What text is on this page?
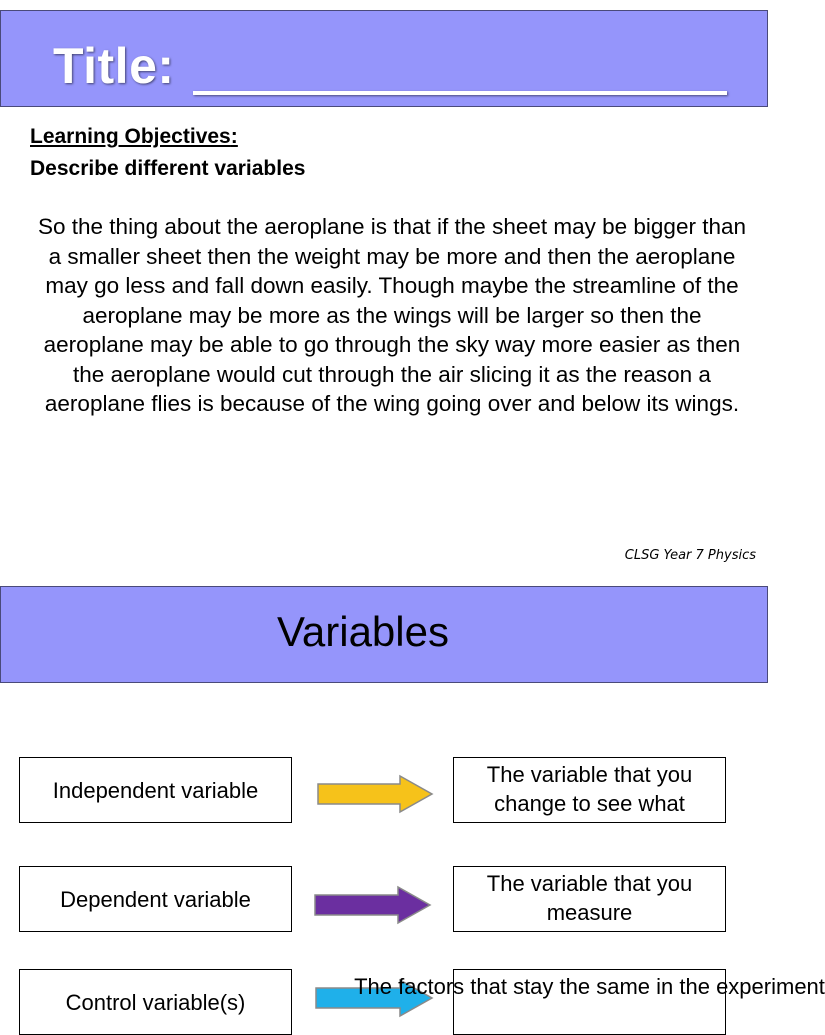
Title:
Learning Objectives:
Describe different variables

So the thing about the aeroplane is that if the sheet may be bigger than a smaller sheet then the weight may be more and then the aeroplane may go less and fall down easily. Though maybe the streamline of the aeroplane may be more as the wings will be larger so then the aeroplane may be able to go through the sky way more easier as then the aeroplane would cut through the air slicing it as the reason a aeroplane flies is because of the wing going over and below its wings.

CLSG Year 7 Physics
Variables
Independent variable
The variable that you change to see what
Dependent variable
The variable that you measure
Control variable(s)
The factors that stay the same in the experiment
